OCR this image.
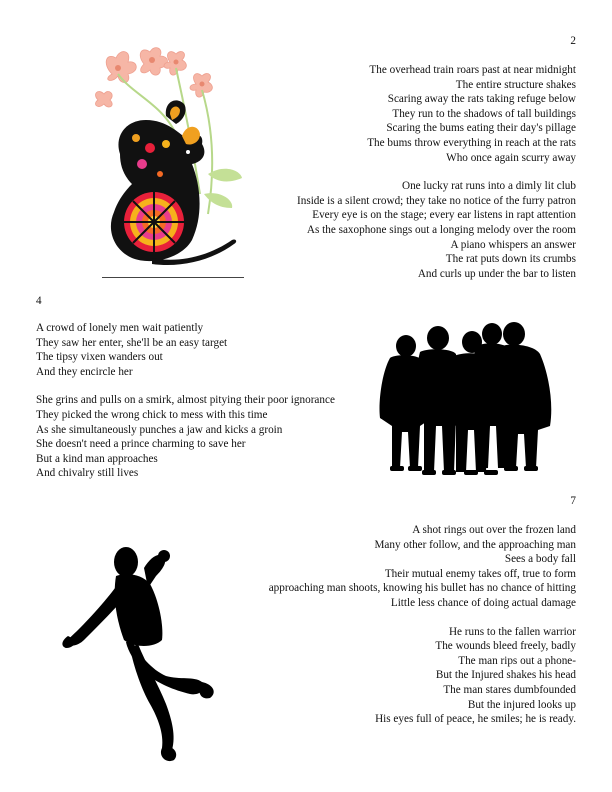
2
The overhead train roars past at near midnight
The entire structure shakes
Scaring away the rats taking refuge below
They run to the shadows of tall buildings
Scaring the bums eating their day's pillage
The bums throw everything in reach at the rats
Who once again scurry away
One lucky rat runs into a dimly lit club
Inside is a silent crowd; they take no notice of the furry patron
Every eye is on the stage; every ear listens in rapt attention
As the saxophone sings out a longing melody over the room
A piano whispers an answer
The rat puts down its crumbs
And curls up under the bar to listen
4
A crowd of lonely men wait patiently
They saw her enter, she'll be an easy target
The tipsy vixen wanders out
And they encircle her
She grins and pulls on a smirk, almost pitying their poor ignorance
They picked the wrong chick to mess with this time
As she simultaneously punches a jaw and kicks a groin
She doesn't need a prince charming to save her
But a kind man approaches
And chivalry still lives
7
A shot rings out over the frozen land
Many other follow, and the approaching man
Sees a body fall
Their mutual enemy takes off, true to form
approaching man shoots, knowing his bullet has no chance of hitting
Little less chance of doing actual damage
He runs to the fallen warrior
The wounds bleed freely, badly
The man rips out a phone-
But the Injured shakes his head
The man stares dumbfounded
But the injured looks up
His eyes full of peace, he smiles; he is ready.
